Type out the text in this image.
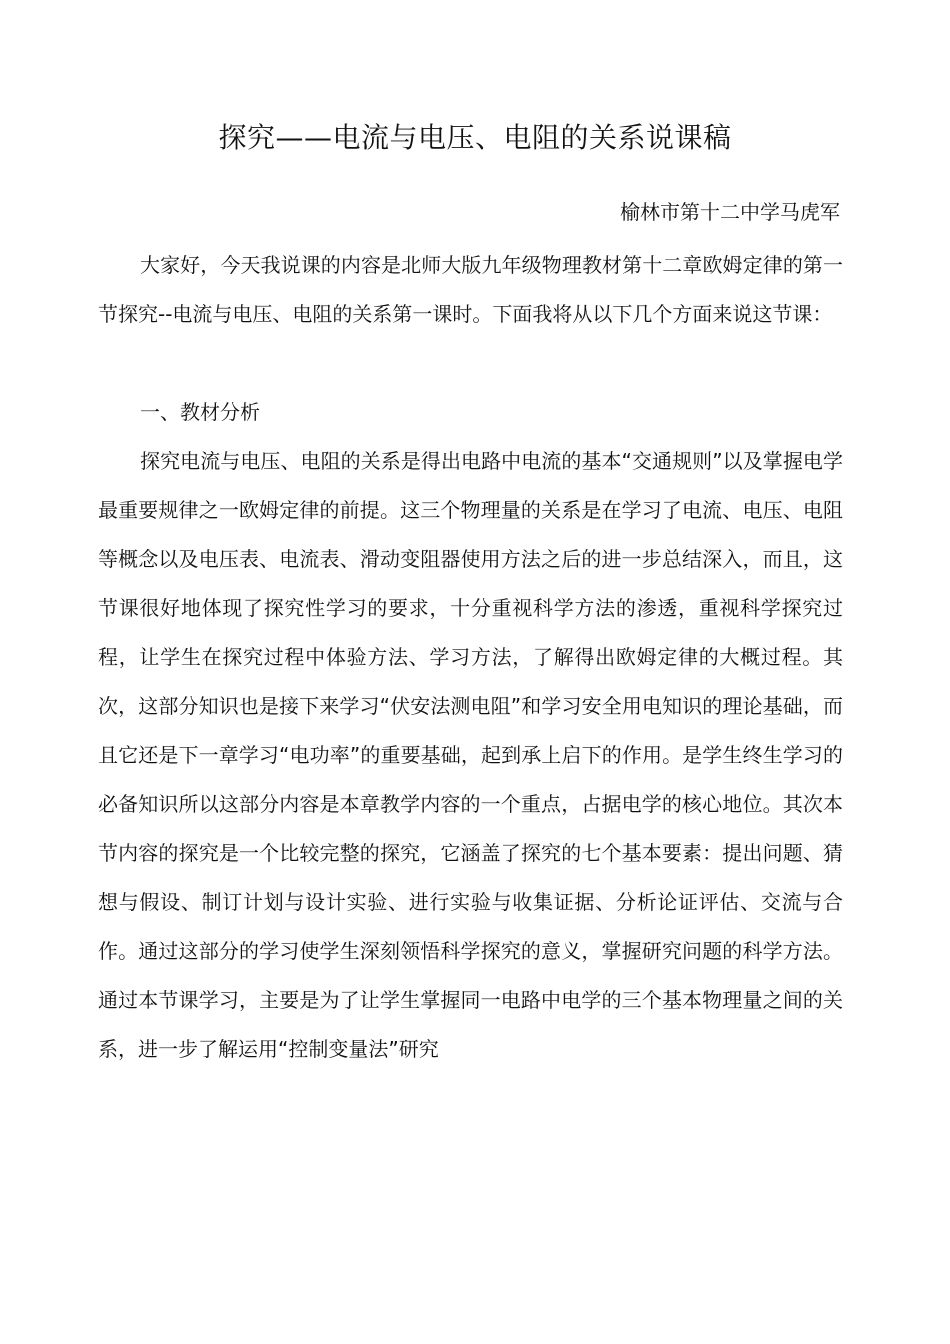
探究——电流与电压、电阻的关系说课稿
榆林市第十二中学马虎军

大家好，今天我说课的内容是北师大版九年级物理教材第十二章欧姆定律的第一节探究--电流与电压、电阻的关系第一课时。下面我将从以下几个方面来说这节课：

一、教材分析

探究电流与电压、电阻的关系是得出电路中电流的基本“交通规则”以及掌握电学最重要规律之一欧姆定律的前提。这三个物理量的关系是在学习了电流、电压、电阻等概念以及电压表、电流表、滑动变阻器使用方法之后的进一步总结深入，而且，这节课很好地体现了探究性学习的要求，十分重视科学方法的渗透，重视科学探究过程，让学生在探究过程中体验方法、学习方法，了解得出欧姆定律的大概过程。其次，这部分知识也是接下来学习“伏安法测电阻”和学习安全用电知识的理论基础，而且它还是下一章学习“电功率”的重要基础，起到承上启下的作用。是学生终生学习的必备知识所以这部分内容是本章教学内容的一个重点，占据电学的核心地位。其次本节内容的探究是一个比较完整的探究，它涵盖了探究的七个基本要素：提出问题、猜想与假设、制订计划与设计实验、进行实验与收集证据、分析论证评估、交流与合作。通过这部分的学习使学生深刻领悟科学探究的意义，掌握研究问题的科学方法。通过本节课学习，主要是为了让学生掌握同一电路中电学的三个基本物理量之间的关系，进一步了解运用“控制变量法”研究
